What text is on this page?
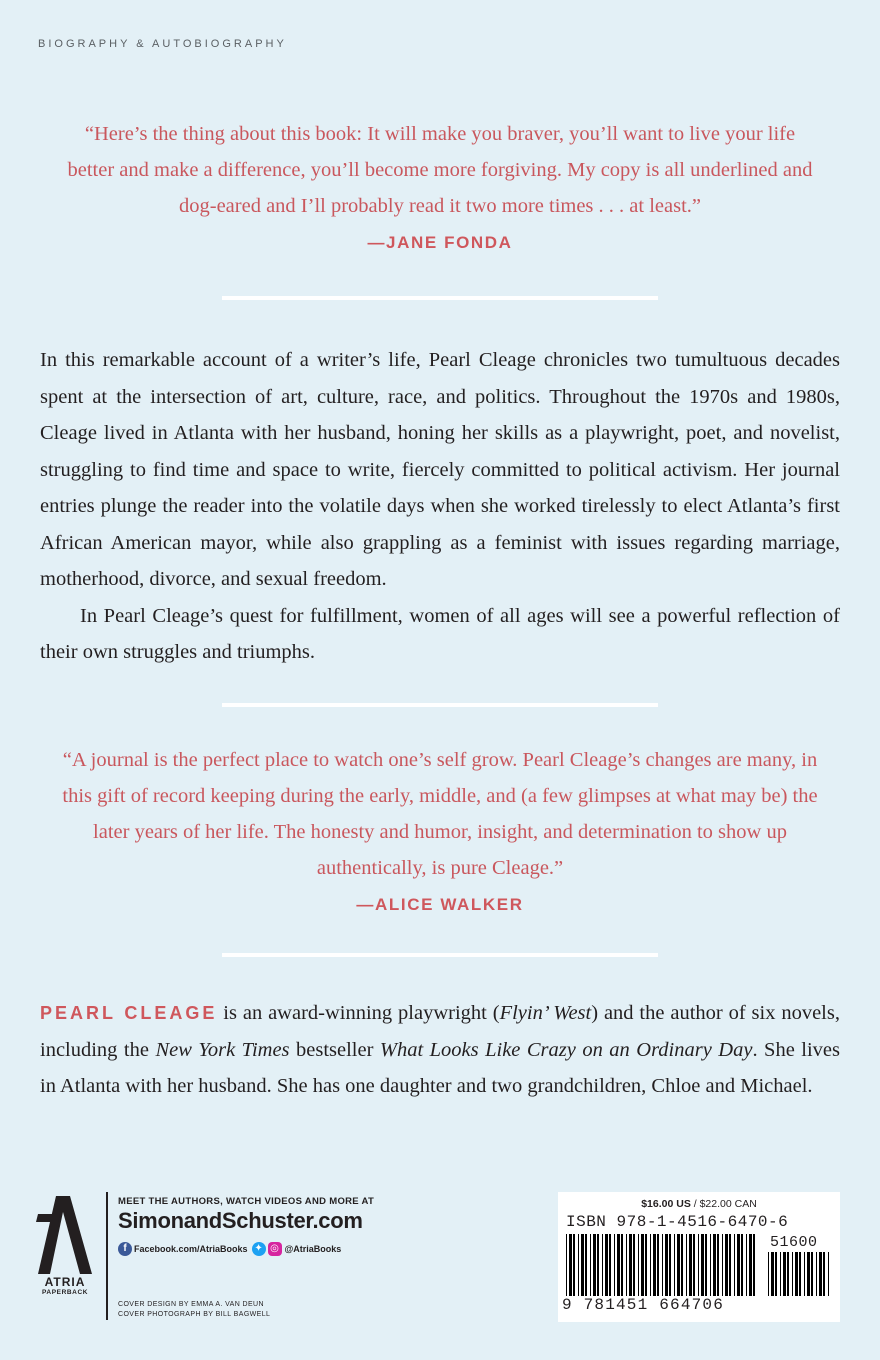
BIOGRAPHY & AUTOBIOGRAPHY

“Here’s the thing about this book: It will make you braver, you’ll want to live your life better and make a difference, you’ll become more forgiving. My copy is all underlined and dog-eared and I’ll probably read it two more times . . . at least.”

—JANE FONDA

In this remarkable account of a writer’s life, Pearl Cleage chronicles two tumultuous decades spent at the intersection of art, culture, race, and politics. Throughout the 1970s and 1980s, Cleage lived in Atlanta with her husband, honing her skills as a playwright, poet, and novelist, struggling to find time and space to write, fiercely committed to political activism. Her journal entries plunge the reader into the volatile days when she worked tirelessly to elect Atlanta’s first African American mayor, while also grappling as a feminist with issues regarding marriage, motherhood, divorce, and sexual freedom.

In Pearl Cleage’s quest for fulfillment, women of all ages will see a powerful reflection of their own struggles and triumphs.

“A journal is the perfect place to watch one’s self grow. Pearl Cleage’s changes are many, in this gift of record keeping during the early, middle, and (a few glimpses at what may be) the later years of her life. The honesty and humor, insight, and determination to show up authentically, is pure Cleage.”

—ALICE WALKER
PEARL CLEAGE is an award-winning playwright (Flyin’ West) and the author of six novels, including the New York Times bestseller What Looks Like Crazy on an Ordinary Day. She lives in Atlanta with her husband. She has one daughter and two grandchildren, Chloe and Michael.
ATRIA
PAPERBACK
MEET THE AUTHORS, WATCH VIDEOS AND MORE AT
SimonandSchuster.com
f Facebook.com/AtriaBooks ✦ ◎ @AtriaBooks
COVER DESIGN BY EMMA A. VAN DEUN
COVER PHOTOGRAPH BY BILL BAGWELL
$16.00 US / $22.00 CAN
ISBN 978-1-4516-6470-6
51600
9 781451 664706
